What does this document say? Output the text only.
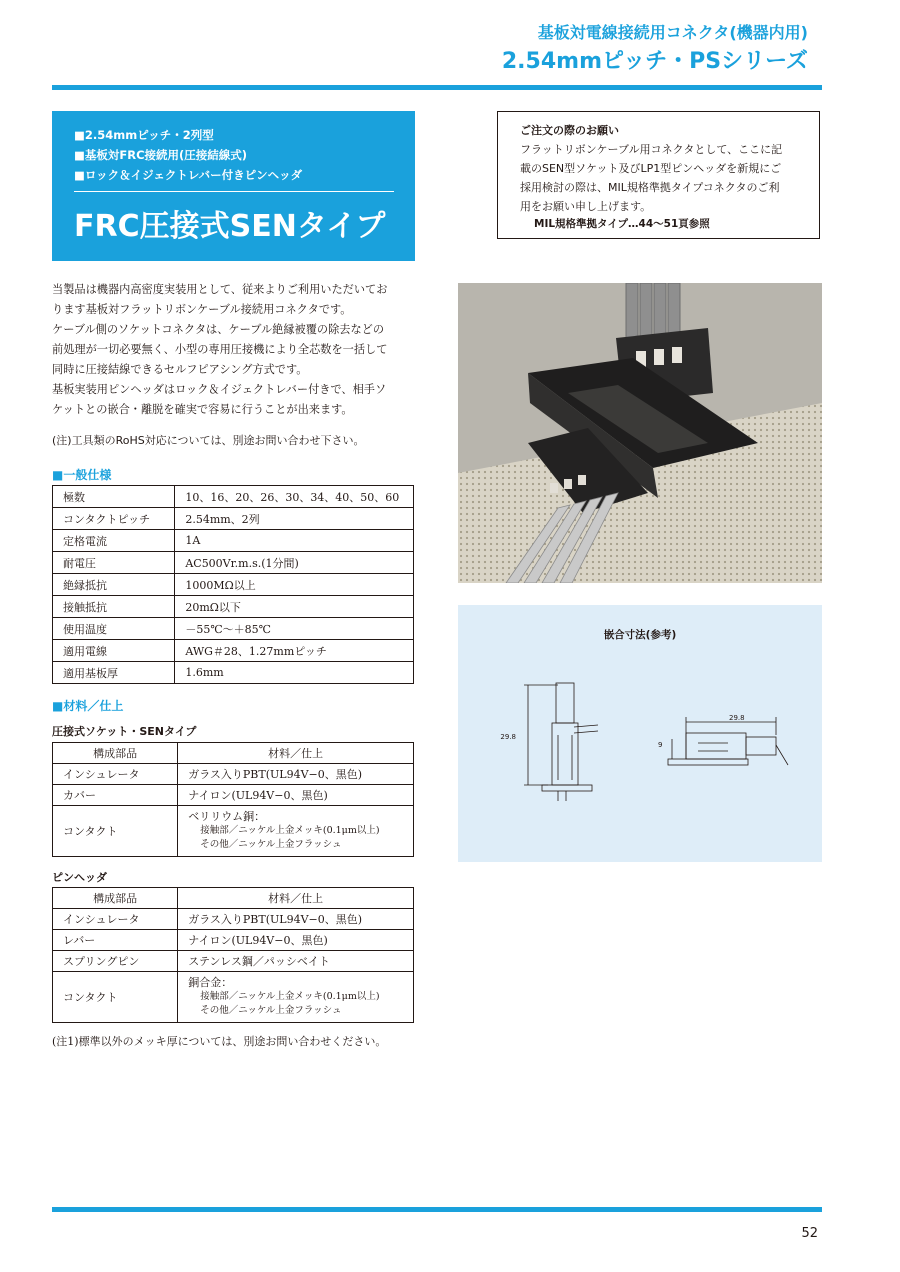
基板対電線接続用コネクタ(機器内用)
2.54mmピッチ・PSシリーズ
■2.54mmピッチ・2列型
■基板対FRC接続用(圧接結線式)
■ロック＆イジェクトレバー付きピンヘッダ
FRC圧接式SENタイプ
ご注文の際のお願い
フラットリボンケーブル用コネクタとして、ここに記
載のSEN型ソケット及びLP1型ピンヘッダを新規にご
採用検討の際は、MIL規格準拠タイプコネクタのご利
用をお願い申し上げます。
MIL規格準拠タイプ…44～51頁参照

当製品は機器内高密度実装用として、従来よりご利用いただいてお

ります基板対フラットリボンケーブル接続用コネクタです。

ケーブル側のソケットコネクタは、ケーブル絶縁被覆の除去などの

前処理が一切必要無く、小型の専用圧接機により全芯数を一括して

同時に圧接結線できるセルフピアシング方式です。

基板実装用ピンヘッダはロック＆イジェクトレバー付きで、相手ソ

ケットとの嵌合・離脱を確実で容易に行うことが出来ます。

(注)工具類のRoHS対応については、別途お問い合わせ下さい。
■一般仕様
極数	10、16、20、26、30、34、40、50、60
コンタクトピッチ	2.54mm、2列
定格電流	1A
耐電圧	AC500Vr.m.s.(1分間)
絶縁抵抗	1000MΩ以上
接触抵抗	20mΩ以下
使用温度	－55℃～＋85℃
適用電線	AWG＃28、1.27mmピッチ
適用基板厚	1.6mm
■材料／仕上
圧接式ソケット・SENタイプ
構成部品	材料／仕上
インシュレータ	ガラス入りPBT(UL94V−0、黒色)
カバー	ナイロン(UL94V−0、黒色)
コンタクト	ベリリウム銅：
接触部／ニッケル上金メッキ(0.1μm以上)
その他／ニッケル上金フラッシュ
ピンヘッダ
構成部品	材料／仕上
インシュレータ	ガラス入りPBT(UL94V−0、黒色)
レバー	ナイロン(UL94V−0、黒色)
スプリングピン	ステンレス鋼／パッシベイト
コンタクト	銅合金：
接触部／ニッケル上金メッキ(0.1μm以上)
その他／ニッケル上金フラッシュ
(注1)標準以外のメッキ厚については、別途お問い合わせください。
嵌合寸法(参考)
29.8
29.8
9
52
